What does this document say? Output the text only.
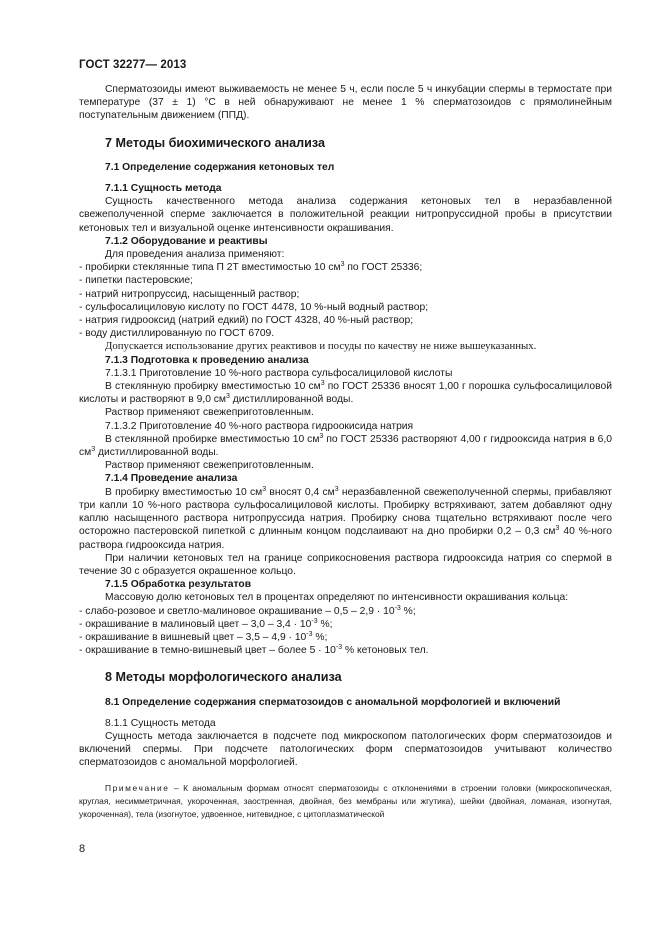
ГОСТ 32277— 2013

Сперматозоиды имеют выживаемость не менее 5 ч, если после 5 ч инкубации спермы в термостате при температуре (37 ± 1) °С в ней обнаруживают не менее 1 % сперматозоидов с прямолинейным поступательным движением (ППД).

7 Методы биохимического анализа

7.1 Определение содержания кетоновых тел

7.1.1 Сущность метода

Сущность качественного метода анализа содержания кетоновых тел в неразбавленной свежеполученной сперме заключается в положительной реакции нитропруссидной пробы в присутствии кетоновых тел и визуальной оценке интенсивности окрашивания.

7.1.2 Оборудование и реактивы

Для проведения анализа применяют:

- пробирки стеклянные типа П 2Т вместимостью 10 $см^3$ по ГОСТ 25336;

- пипетки пастеровские;

- натрий нитропруссид, насыщенный раствор;

- сульфосалициловую кислоту по ГОСТ 4478, 10 %-ный водный раствор;

- натрия гидрооксид (натрий едкий) по ГОСТ 4328, 40 %-ный раствор;

- воду дистиллированную по ГОСТ 6709.

Допускается использование других реактивов и посуды по качеству не ниже вышеуказанных.

7.1.3 Подготовка к проведению анализа

7.1.3.1 Приготовление 10 %-ного раствора сульфосалициловой кислоты

В стеклянную пробирку вместимостью 10 $см^3$ по ГОСТ 25336 вносят 1,00 г порошка сульфосалициловой кислоты и растворяют в 9,0 $см^3$ дистиллированной воды.

Раствор применяют свежеприготовленным.

7.1.3.2 Приготовление 40 %-ного раствора гидроокисида натрия

В стеклянной пробирке вместимостью 10 $см^3$ по ГОСТ 25336 растворяют 4,00 г гидрооксида натрия в 6,0 $см^3$ дистиллированной воды.

Раствор применяют свежеприготовленным.

7.1.4 Проведение анализа

В пробирку вместимостью 10 $см^3$ вносят 0,4 $см^3$ неразбавленной свежеполученной спермы, прибавляют три капли 10 %-ного раствора сульфосалициловой кислоты. Пробирку встряхивают, затем добавляют одну каплю насыщенного раствора нитропруссида натрия. Пробирку снова тщательно встряхивают после чего осторожно пастеровской пипеткой с длинным концом подслаивают на дно пробирки 0,2 – 0,3 $см^3$ 40 %-ного раствора гидрооксида натрия.

При наличии кетоновых тел на границе соприкосновения раствора гидрооксида натрия со спермой в течение 30 с образуется окрашенное кольцо.

7.1.5 Обработка результатов

Массовую долю кетоновых тел в процентах определяют по интенсивности окрашивания кольца:

- слабо-розовое и светло-малиновое окрашивание – $0,5 - 2,9 \cdot 10^{-3}$ %;

- окрашивание в малиновый цвет – $3,0 - 3,4 \cdot 10^{-3}$ %;

- окрашивание в вишневый цвет – $3,5 - 4,9 \cdot 10^{-3}$ %;

- окрашивание в темно-вишневый цвет – более $5 \cdot 10^{-3}$ % кетоновых тел.

8 Методы морфологического анализа

8.1 Определение содержания сперматозоидов с аномальной морфологией и включений

8.1.1 Сущность метода

Сущность метода заключается в подсчете под микроскопом патологических форм сперматозоидов и включений спермы. При подсчете патологических форм сперматозоидов учитывают количество сперматозоидов с аномальной морфологией.

Примечание – К аномальным формам относят сперматозоиды с отклонениями в строении головки (микроскопическая, круглая, несимметричная, укороченная, заостренная, двойная, без мембраны или жгутика), шейки (двойная, ломаная, изогнутая, укороченная), тела (изогнутое, удвоенное, нитевидное, с цитоплазматической

8
